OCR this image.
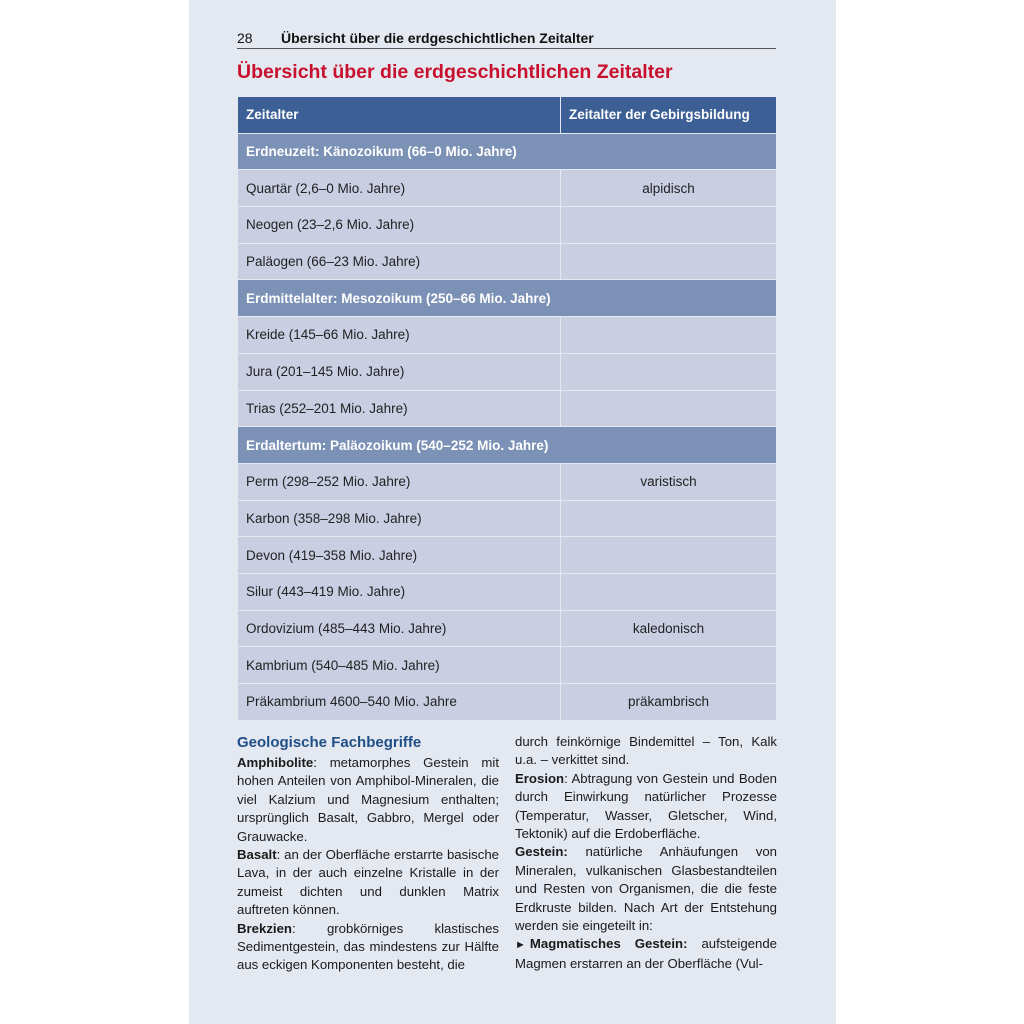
28 Übersicht über die erdgeschichtlichen Zeitalter
Übersicht über die erdgeschichtlichen Zeitalter
Zeitalter	Zeitalter der Gebirgsbildung
Erdneuzeit: Känozoikum (66–0 Mio. Jahre)	
Quartär (2,6–0 Mio. Jahre)	alpidisch
Neogen (23–2,6 Mio. Jahre)	
Paläogen (66–23 Mio. Jahre)	
Erdmittelalter: Mesozoikum (250–66 Mio. Jahre)	
Kreide (145–66 Mio. Jahre)	
Jura (201–145 Mio. Jahre)	
Trias (252–201 Mio. Jahre)	
Erdaltertum: Paläozoikum (540–252 Mio. Jahre)	
Perm (298–252 Mio. Jahre)	varistisch
Karbon (358–298 Mio. Jahre)	
Devon (419–358 Mio. Jahre)	
Silur (443–419 Mio. Jahre)	
Ordovizium (485–443 Mio. Jahre)	kaledonisch
Kambrium (540–485 Mio. Jahre)	
Präkambrium 4600–540 Mio. Jahre	präkambrisch
Geologische Fachbegriffe

Amphibolite: metamorphes Gestein mit hohen Anteilen von Amphibol-Mineralen, die viel Kalzium und Magnesium enthalten; ursprünglich Basalt, Gabbro, Mergel oder Grauwacke.

Basalt: an der Oberfläche erstarrte basische Lava, in der auch einzelne Kristalle in der zumeist dichten und dunklen Matrix auftreten können.

Brekzien: grobkörniges klastisches Sedimentgestein, das mindestens zur Hälfte aus eckigen Komponenten besteht, die

durch feinkörnige Bindemittel – Ton, Kalk u.a. – verkittet sind.

Erosion: Abtragung von Gestein und Boden durch Einwirkung natürlicher Prozesse (Temperatur, Wasser, Gletscher, Wind, Tektonik) auf die Erdoberfläche.

Gestein: natürliche Anhäufungen von Mineralen, vulkanischen Glasbestandteilen und Resten von Organismen, die die feste Erdkruste bilden. Nach Art der Entstehung werden sie eingeteilt in:

► Magmatisches Gestein: aufsteigende Magmen erstarren an der Oberfläche (Vul-
